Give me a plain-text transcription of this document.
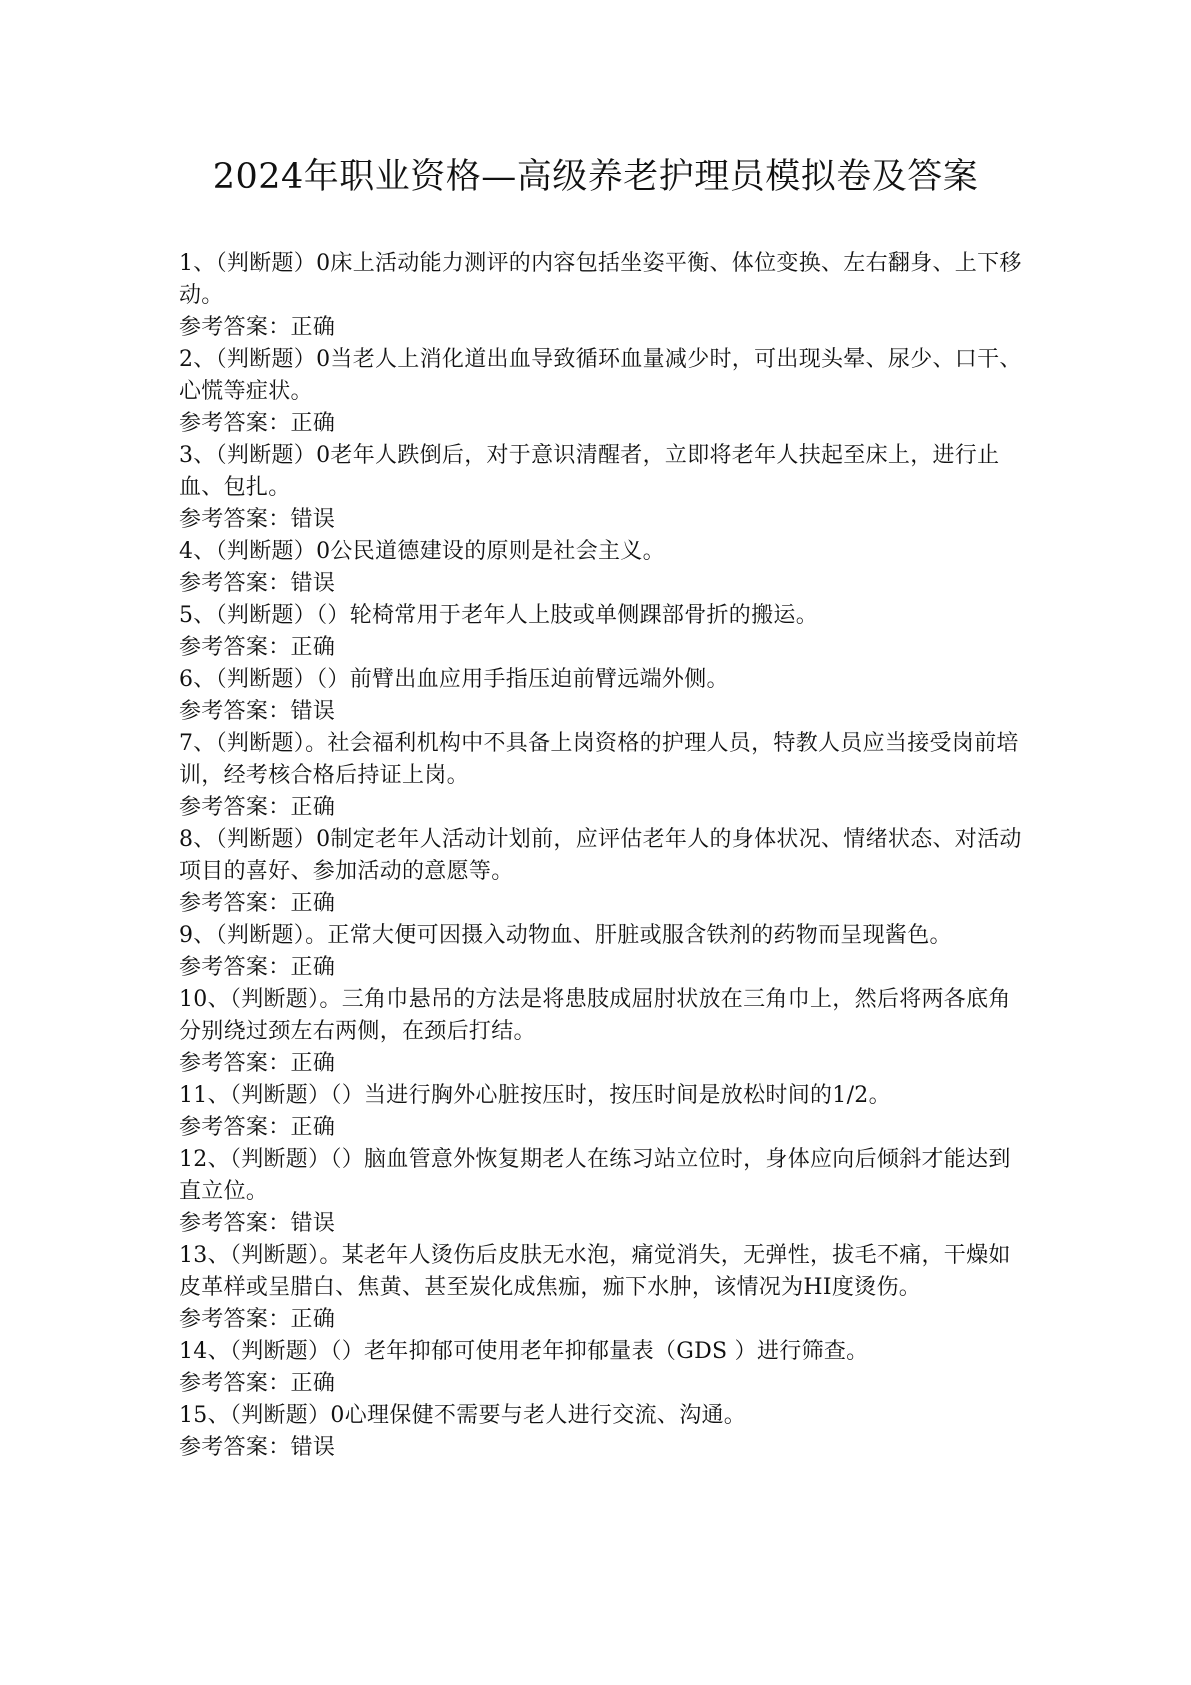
2024年职业资格—高级养老护理员模拟卷及答案

1、（判断题）0床上活动能力测评的内容包括坐姿平衡、体位变换、左右翻身、上下移动。

参考答案：正确

2、（判断题）0当老人上消化道出血导致循环血量减少时，可出现头晕、尿少、口干、心慌等症状。

参考答案：正确

3、（判断题）0老年人跌倒后，对于意识清醒者，立即将老年人扶起至床上，进行止血、包扎。

参考答案：错误

4、（判断题）0公民道德建设的原则是社会主义。

参考答案：错误

5、（判断题）（）轮椅常用于老年人上肢或单侧踝部骨折的搬运。

参考答案：正确

6、（判断题）（）前臂出血应用手指压迫前臂远端外侧。

参考答案：错误

7、（判断题）。社会福利机构中不具备上岗资格的护理人员，特教人员应当接受岗前培训，经考核合格后持证上岗。

参考答案：正确

8、（判断题）0制定老年人活动计划前，应评估老年人的身体状况、情绪状态、对活动项目的喜好、参加活动的意愿等。

参考答案：正确

9、（判断题）。正常大便可因摄入动物血、肝脏或服含铁剂的药物而呈现酱色。

参考答案：正确

10、（判断题）。三角巾悬吊的方法是将患肢成屈肘状放在三角巾上，然后将两各底角分别绕过颈左右两侧，在颈后打结。

参考答案：正确

11、（判断题）（）当进行胸外心脏按压时，按压时间是放松时间的1/2。

参考答案：正确

12、（判断题）（）脑血管意外恢复期老人在练习站立位时，身体应向后倾斜才能达到直立位。

参考答案：错误

13、（判断题）。某老年人烫伤后皮肤无水泡，痛觉消失，无弹性，拔毛不痛，干燥如皮革样或呈腊白、焦黄、甚至炭化成焦痂，痂下水肿，该情况为HI度烫伤。

参考答案：正确

14、（判断题）（）老年抑郁可使用老年抑郁量表（GDS ）进行筛查。

参考答案：正确

15、（判断题）0心理保健不需要与老人进行交流、沟通。

参考答案：错误
